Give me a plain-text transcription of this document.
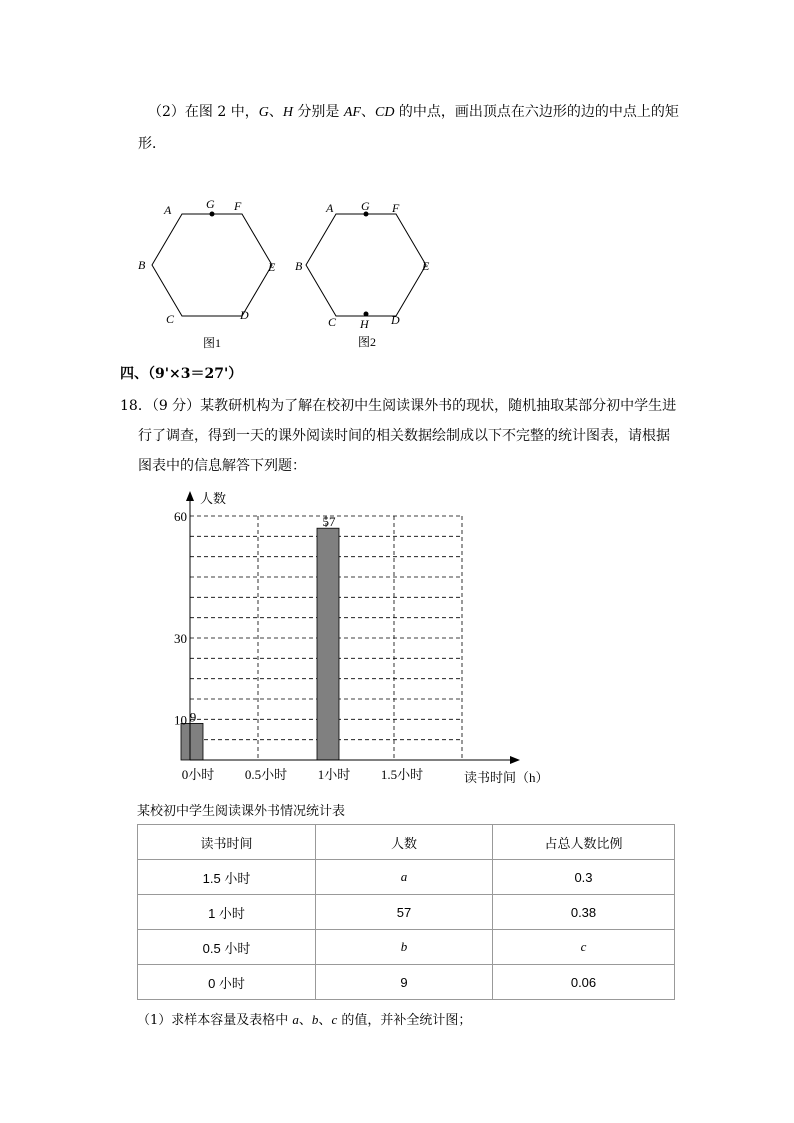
（2）在图 2 中，G、H 分别是 AF、CD 的中点，画出顶点在六边形的边的中点上的矩
形．
A	G F
B	E
C	D
图1
A G F
B	E
C H D
图2
四、（9'×3＝27'）
18．（9 分）某教研机构为了解在校初中生阅读课外书的现状，随机抽取某部分初中学生进
行了调查，得到一天的课外阅读时间的相关数据绘制成以下不完整的统计图表，请根据
图表中的信息解答下列题：
人数
读书时间（h）
10
30
60
0小时 0.5小时 1小时 1.5小时
9
57
某校初中学生阅读课外书情况统计表
读书时间	人数	占总人数比例
1.5 小时	a	0.3
1 小时	57	0.38
0.5 小时	b	c
0 小时	9	0.06
（1）求样本容量及表格中 a、b、c 的值，并补全统计图；
